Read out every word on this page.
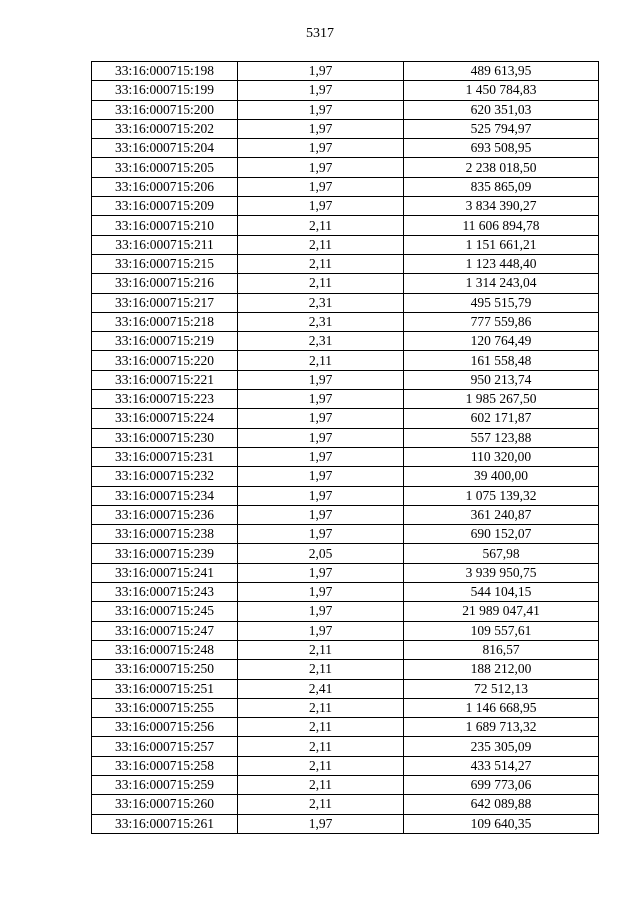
5317
33:16:000715:198	1,97	489 613,95
33:16:000715:199	1,97	1 450 784,83
33:16:000715:200	1,97	620 351,03
33:16:000715:202	1,97	525 794,97
33:16:000715:204	1,97	693 508,95
33:16:000715:205	1,97	2 238 018,50
33:16:000715:206	1,97	835 865,09
33:16:000715:209	1,97	3 834 390,27
33:16:000715:210	2,11	11 606 894,78
33:16:000715:211	2,11	1 151 661,21
33:16:000715:215	2,11	1 123 448,40
33:16:000715:216	2,11	1 314 243,04
33:16:000715:217	2,31	495 515,79
33:16:000715:218	2,31	777 559,86
33:16:000715:219	2,31	120 764,49
33:16:000715:220	2,11	161 558,48
33:16:000715:221	1,97	950 213,74
33:16:000715:223	1,97	1 985 267,50
33:16:000715:224	1,97	602 171,87
33:16:000715:230	1,97	557 123,88
33:16:000715:231	1,97	110 320,00
33:16:000715:232	1,97	39 400,00
33:16:000715:234	1,97	1 075 139,32
33:16:000715:236	1,97	361 240,87
33:16:000715:238	1,97	690 152,07
33:16:000715:239	2,05	567,98
33:16:000715:241	1,97	3 939 950,75
33:16:000715:243	1,97	544 104,15
33:16:000715:245	1,97	21 989 047,41
33:16:000715:247	1,97	109 557,61
33:16:000715:248	2,11	816,57
33:16:000715:250	2,11	188 212,00
33:16:000715:251	2,41	72 512,13
33:16:000715:255	2,11	1 146 668,95
33:16:000715:256	2,11	1 689 713,32
33:16:000715:257	2,11	235 305,09
33:16:000715:258	2,11	433 514,27
33:16:000715:259	2,11	699 773,06
33:16:000715:260	2,11	642 089,88
33:16:000715:261	1,97	109 640,35
